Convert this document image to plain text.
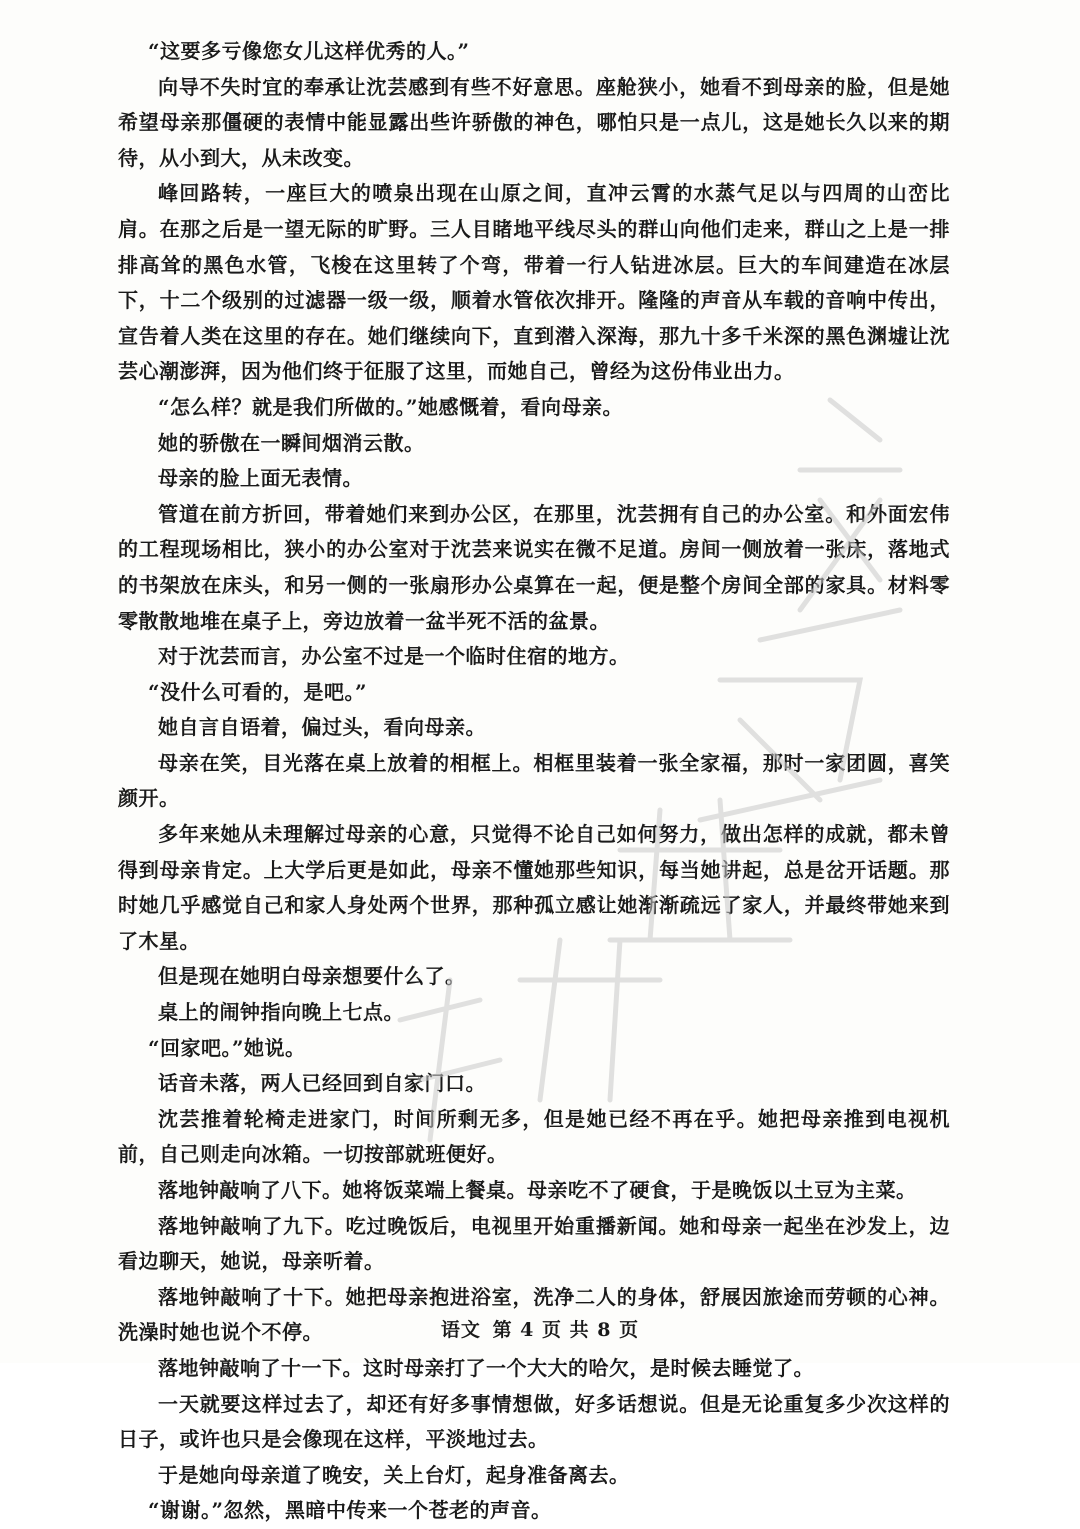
“这要多亏像您女儿这样优秀的人。”

向导不失时宜的奉承让沈芸感到有些不好意思。座舱狭小，她看不到母亲的脸，但是她希望母亲那僵硬的表情中能显露出些许骄傲的神色，哪怕只是一点儿，这是她长久以来的期待，从小到大，从未改变。

峰回路转，一座巨大的喷泉出现在山原之间，直冲云霄的水蒸气足以与四周的山峦比肩。在那之后是一望无际的旷野。三人目睹地平线尽头的群山向他们走来，群山之上是一排排高耸的黑色水管，飞梭在这里转了个弯，带着一行人钻进冰层。巨大的车间建造在冰层下，十二个级别的过滤器一级一级，顺着水管依次排开。隆隆的声音从车载的音响中传出，宣告着人类在这里的存在。她们继续向下，直到潜入深海，那九十多千米深的黑色渊墟让沈芸心潮澎湃，因为他们终于征服了这里，而她自己，曾经为这份伟业出力。

“怎么样？就是我们所做的。”她感慨着，看向母亲。

她的骄傲在一瞬间烟消云散。

母亲的脸上面无表情。

管道在前方折回，带着她们来到办公区，在那里，沈芸拥有自己的办公室。和外面宏伟的工程现场相比，狭小的办公室对于沈芸来说实在微不足道。房间一侧放着一张床，落地式的书架放在床头，和另一侧的一张扇形办公桌算在一起，便是整个房间全部的家具。材料零零散散地堆在桌子上，旁边放着一盆半死不活的盆景。

对于沈芸而言，办公室不过是一个临时住宿的地方。

“没什么可看的，是吧。”

她自言自语着，偏过头，看向母亲。

母亲在笑，目光落在桌上放着的相框上。相框里装着一张全家福，那时一家团圆，喜笑颜开。

多年来她从未理解过母亲的心意，只觉得不论自己如何努力，做出怎样的成就，都未曾得到母亲肯定。上大学后更是如此，母亲不懂她那些知识，每当她讲起，总是岔开话题。那时她几乎感觉自己和家人身处两个世界，那种孤立感让她渐渐疏远了家人，并最终带她来到了木星。

但是现在她明白母亲想要什么了。

桌上的闹钟指向晚上七点。

“回家吧。”她说。

话音未落，两人已经回到自家门口。

沈芸推着轮椅走进家门，时间所剩无多，但是她已经不再在乎。她把母亲推到电视机前，自己则走向冰箱。一切按部就班便好。

落地钟敲响了八下。她将饭菜端上餐桌。母亲吃不了硬食，于是晚饭以土豆为主菜。

落地钟敲响了九下。吃过晚饭后，电视里开始重播新闻。她和母亲一起坐在沙发上，边看边聊天，她说，母亲听着。

落地钟敲响了十下。她把母亲抱进浴室，洗净二人的身体，舒展因旅途而劳顿的心神。洗澡时她也说个不停。

落地钟敲响了十一下。这时母亲打了一个大大的哈欠，是时候去睡觉了。

一天就要这样过去了，却还有好多事情想做，好多话想说。但是无论重复多少次这样的日子，或许也只是会像现在这样，平淡地过去。

于是她向母亲道了晚安，关上台灯，起身准备离去。

“谢谢。”忽然，黑暗中传来一个苍老的声音。

语文 第 4 页 共 8 页
